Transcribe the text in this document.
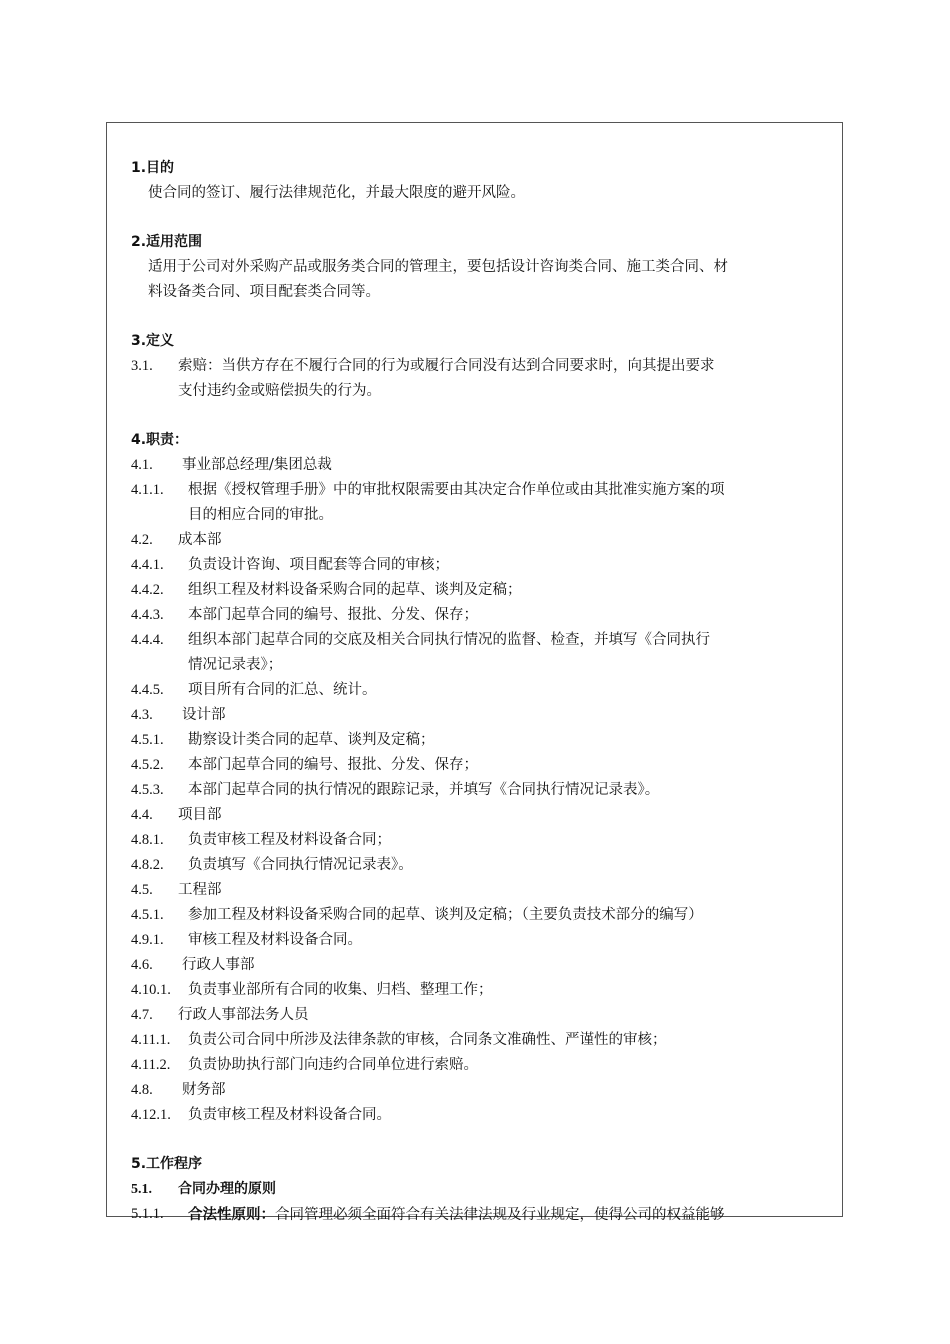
1.目的
使合同的签订、履行法律规范化，并最大限度的避开风险。
2.适用范围
适用于公司对外采购产品或服务类合同的管理主，要包括设计咨询类合同、施工类合同、材
料设备类合同、项目配套类合同等。
3.定义
3.1.	索赔：当供方存在不履行合同的行为或履行合同没有达到合同要求时，向其提出要求
支付违约金或赔偿损失的行为。
4.职责：
4.1.	事业部总经理/集团总裁
4.1.1.	根据《授权管理手册》中的审批权限需要由其决定合作单位或由其批准实施方案的项
目的相应合同的审批。
4.2.	成本部
4.4.1.	负责设计咨询、项目配套等合同的审核；
4.4.2.	组织工程及材料设备采购合同的起草、谈判及定稿；
4.4.3.	本部门起草合同的编号、报批、分发、保存；
4.4.4.	组织本部门起草合同的交底及相关合同执行情况的监督、检查，并填写《合同执行
情况记录表》；
4.4.5.	项目所有合同的汇总、统计。
4.3.	设计部
4.5.1.	勘察设计类合同的起草、谈判及定稿；
4.5.2.	本部门起草合同的编号、报批、分发、保存；
4.5.3.	本部门起草合同的执行情况的跟踪记录，并填写《合同执行情况记录表》。
4.4.	项目部
4.8.1.	负责审核工程及材料设备合同；
4.8.2.	负责填写《合同执行情况记录表》。
4.5.	工程部
4.5.1.	参加工程及材料设备采购合同的起草、谈判及定稿；（主要负责技术部分的编写）
4.9.1.	审核工程及材料设备合同。
4.6.	行政人事部
4.10.1.	负责事业部所有合同的收集、归档、整理工作；
4.7.	行政人事部法务人员
4.11.1.	负责公司合同中所涉及法律条款的审核，合同条文准确性、严谨性的审核；
4.11.2.	负责协助执行部门向违约合同单位进行索赔。
4.8.	财务部
4.12.1.	负责审核工程及材料设备合同。
5.工作程序
5.1.	合同办理的原则
5.1.1.	合法性原则：合同管理必须全面符合有关法律法规及行业规定，使得公司的权益能够
